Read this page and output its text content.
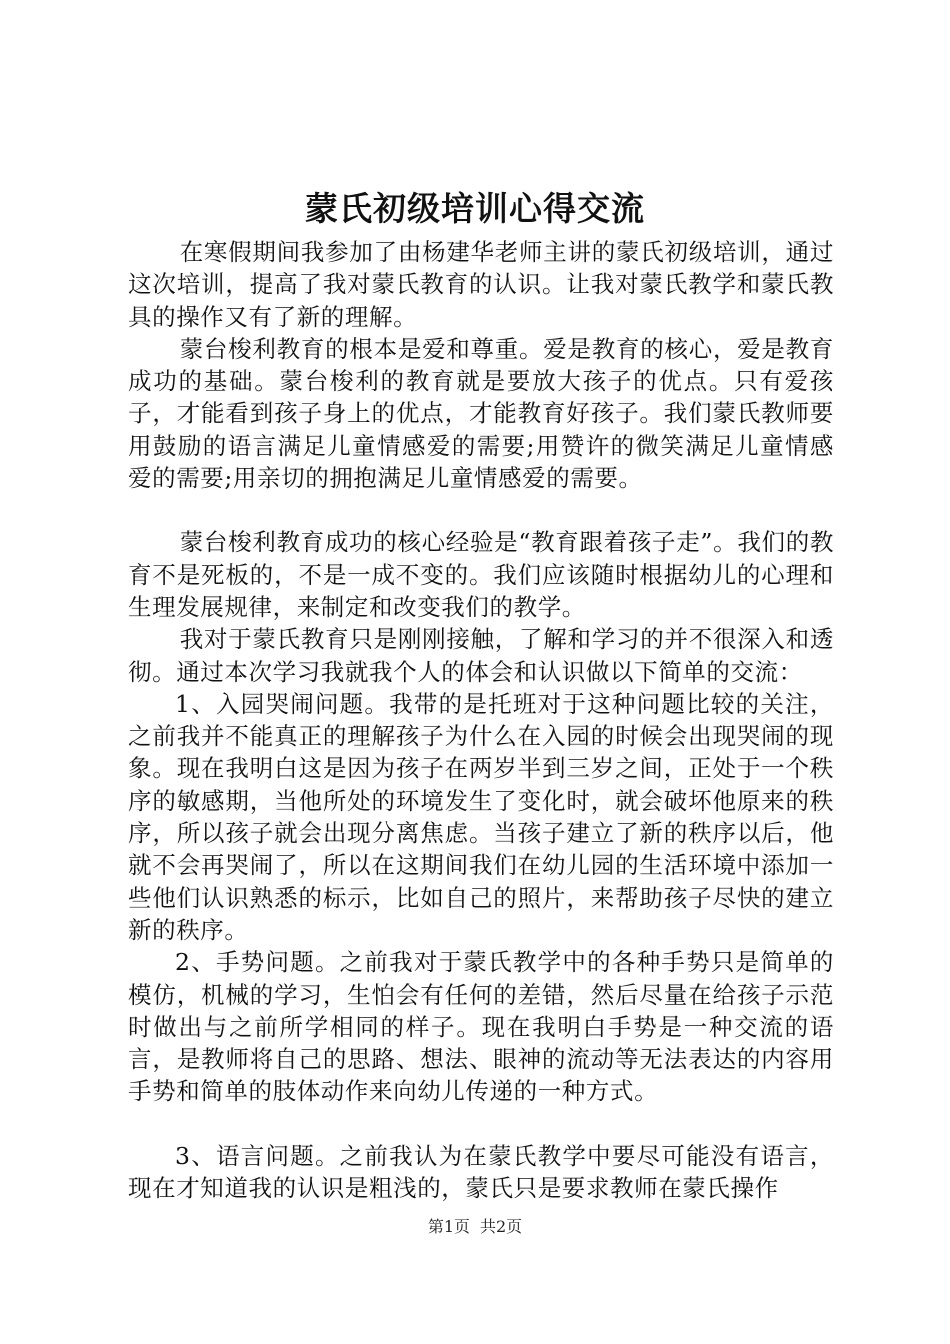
蒙氏初级培训心得交流

在寒假期间我参加了由杨建华老师主讲的蒙氏初级培训，通过这次培训，提高了我对蒙氏教育的认识。让我对蒙氏教学和蒙氏教具的操作又有了新的理解。

蒙台梭利教育的根本是爱和尊重。爱是教育的核心，爱是教育成功的基础。蒙台梭利的教育就是要放大孩子的优点。只有爱孩子，才能看到孩子身上的优点，才能教育好孩子。我们蒙氏教师要用鼓励的语言满足儿童情感爱的需要;用赞许的微笑满足儿童情感爱的需要;用亲切的拥抱满足儿童情感爱的需要。

蒙台梭利教育成功的核心经验是“教育跟着孩子走”。我们的教育不是死板的，不是一成不变的。我们应该随时根据幼儿的心理和生理发展规律，来制定和改变我们的教学。

我对于蒙氏教育只是刚刚接触，了解和学习的并不很深入和透彻。通过本次学习我就我个人的体会和认识做以下简单的交流：

1、入园哭闹问题。我带的是托班对于这种问题比较的关注，之前我并不能真正的理解孩子为什么在入园的时候会出现哭闹的现象。现在我明白这是因为孩子在两岁半到三岁之间，正处于一个秩序的敏感期，当他所处的环境发生了变化时，就会破坏他原来的秩序，所以孩子就会出现分离焦虑。当孩子建立了新的秩序以后，他就不会再哭闹了，所以在这期间我们在幼儿园的生活环境中添加一些他们认识熟悉的标示，比如自己的照片，来帮助孩子尽快的建立新的秩序。

2、手势问题。之前我对于蒙氏教学中的各种手势只是简单的模仿，机械的学习，生怕会有任何的差错，然后尽量在给孩子示范时做出与之前所学相同的样子。现在我明白手势是一种交流的语言，是教师将自己的思路、想法、眼神的流动等无法表达的内容用手势和简单的肢体动作来向幼儿传递的一种方式。

3、语言问题。之前我认为在蒙氏教学中要尽可能没有语言，现在才知道我的认识是粗浅的，蒙氏只是要求教师在蒙氏操作

第1页 共2页
